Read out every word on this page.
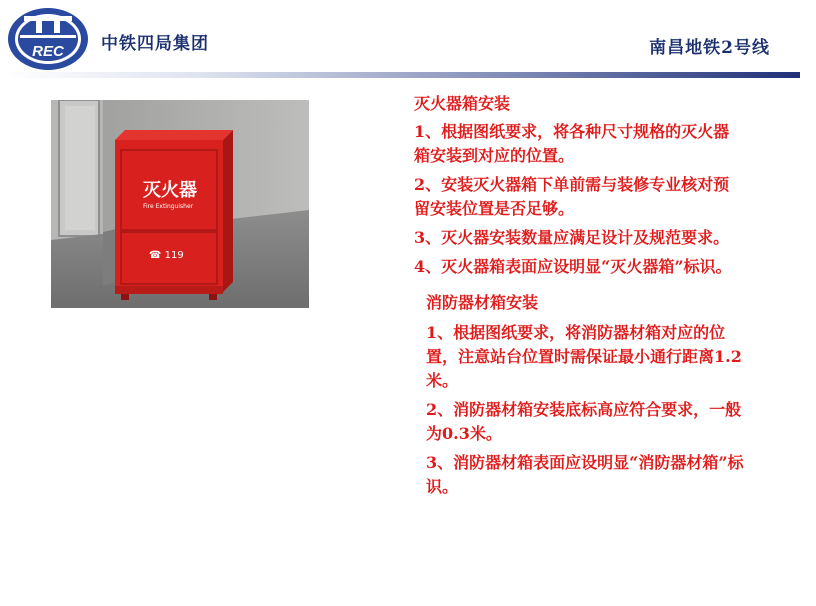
REC 中铁四局集团	南昌地铁2号线
灭火器
Fire Extinguisher
☎ 119
灭火器箱安装
1、根据图纸要求，将各种尺寸规格的灭火器箱安装到对应的位置。
2、安装灭火器箱下单前需与装修专业核对预留安装位置是否足够。
3、灭火器安装数量应满足设计及规范要求。
4、灭火器箱表面应设明显“灭火器箱”标识。
消防器材箱安装
1、根据图纸要求，将消防器材箱对应的位置，注意站台位置时需保证最小通行距离1.2米。
2、消防器材箱安装底标高应符合要求，一般为0.3米。
3、消防器材箱表面应设明显“消防器材箱”标识。
